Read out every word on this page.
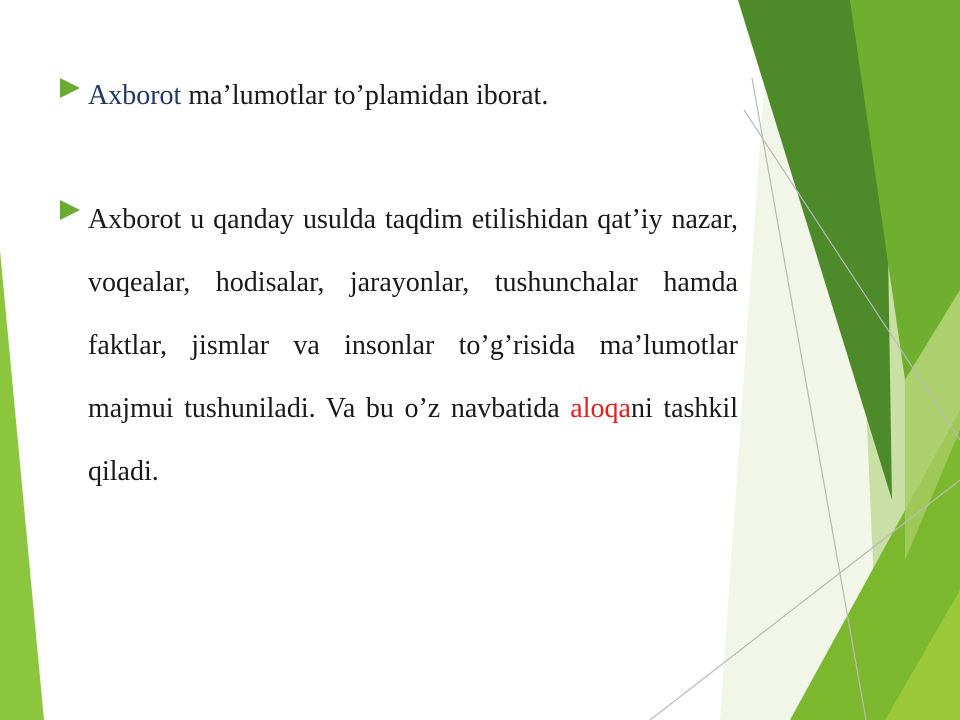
Axborot ma’lumotlar to’plamidan iborat.
Axborot u qanday usulda taqdim etilishidan qat’iy nazar, voqealar, hodisalar, jarayonlar, tushunchalar hamda faktlar, jismlar va insonlar to’g’risida ma’lumotlar majmui tushuniladi. Va bu o’z navbatida aloqani tashkil qiladi.
